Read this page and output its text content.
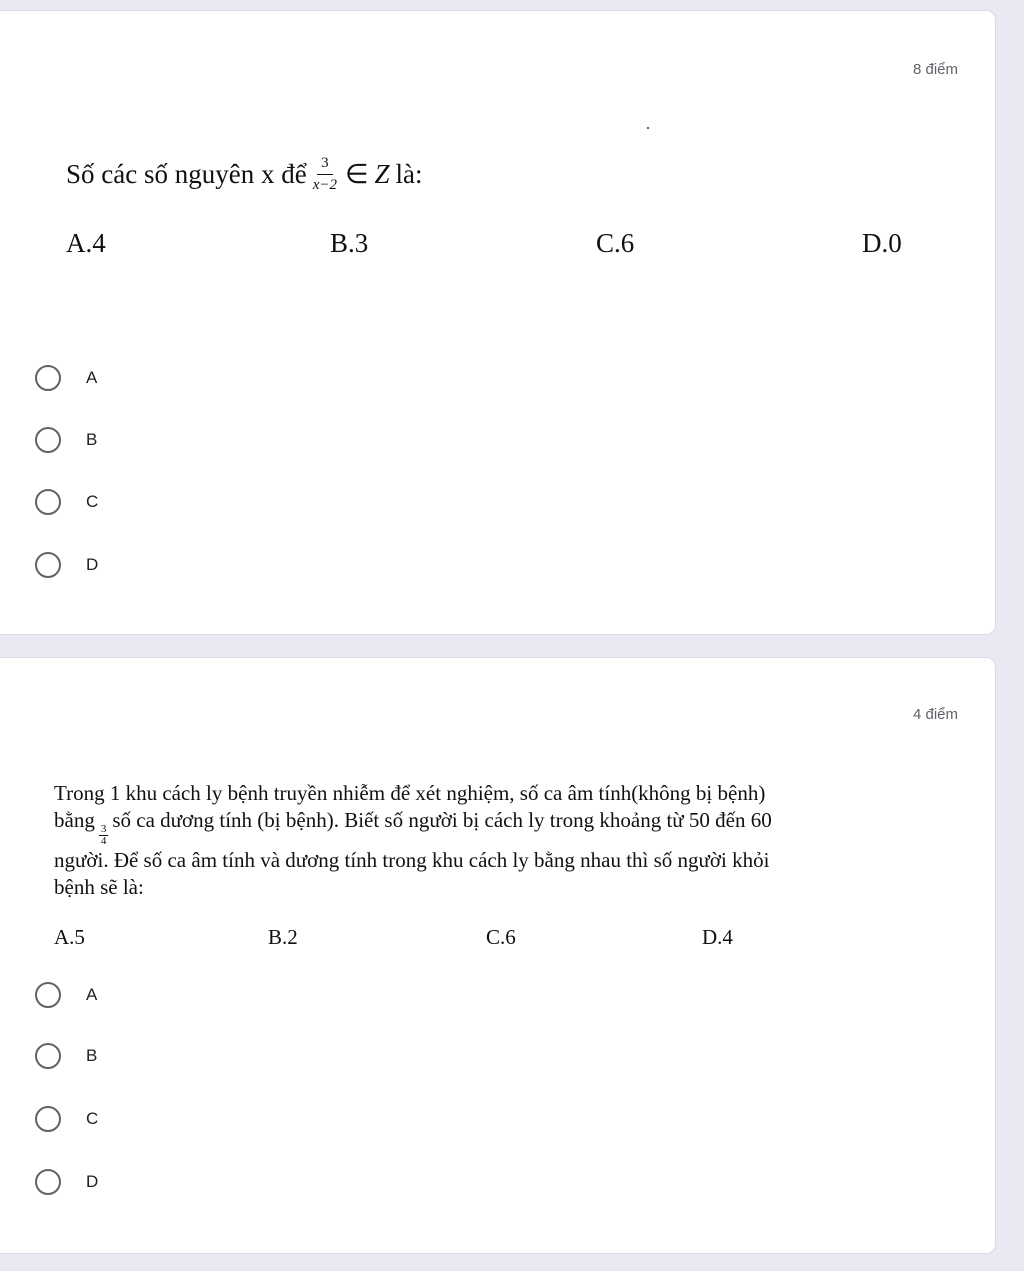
8 điểm
Số các số nguyên x để $\frac{3}{x-2}$ ∈ Z là:
A.4	B.3	C.6	D.0
A
B
C
D
4 điểm
Trong 1 khu cách ly bệnh truyền nhiễm để xét nghiệm, số ca âm tính(không bị bệnh)
bằng
$\frac{3}{4}$
số ca dương tính (bị bệnh). Biết số người bị cách ly trong khoảng từ 50 đến 60
người. Để số ca âm tính và dương tính trong khu cách ly bằng nhau thì số người khỏi
bệnh sẽ là:
A.5	B.2	C.6	D.4
A
B
C
D
